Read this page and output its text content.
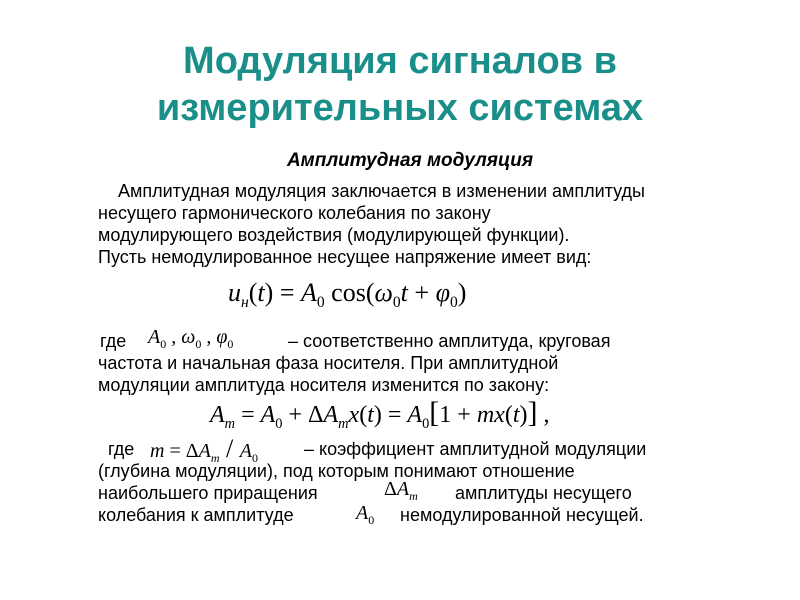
Модуляция сигналов в
измерительных системах
Амплитудная модуляция
Амплитудная модуляция заключается в изменении амплитуды
несущего гармонического колебания по закону
модулирующего воздействия (модулирующей функции).
Пусть немодулированное несущее напряжение имеет вид:
$u_н(t) = A_0$ $\cos(\omega_0t + \varphi_0)$
где $A_0$ , $\omega_0$ , $\varphi_0$	– соответственно амплитуда, круговая
частота и начальная фаза носителя. При амплитудной
модуляции амплитуда носителя изменится по закону:
$A_m = A_0 + \Delta A_mx(t) = A_0[1 + mx(t)]$ ,
где $m = \Delta A_m / A_0$	– коэффициент амплитудной модуляции
(глубина модуляции), под которым понимают отношение
наибольшего приращения	$\Delta A_m$ амплитуды несущего
колебания к амплитуде	$A_0$ немодулированной несущей.
